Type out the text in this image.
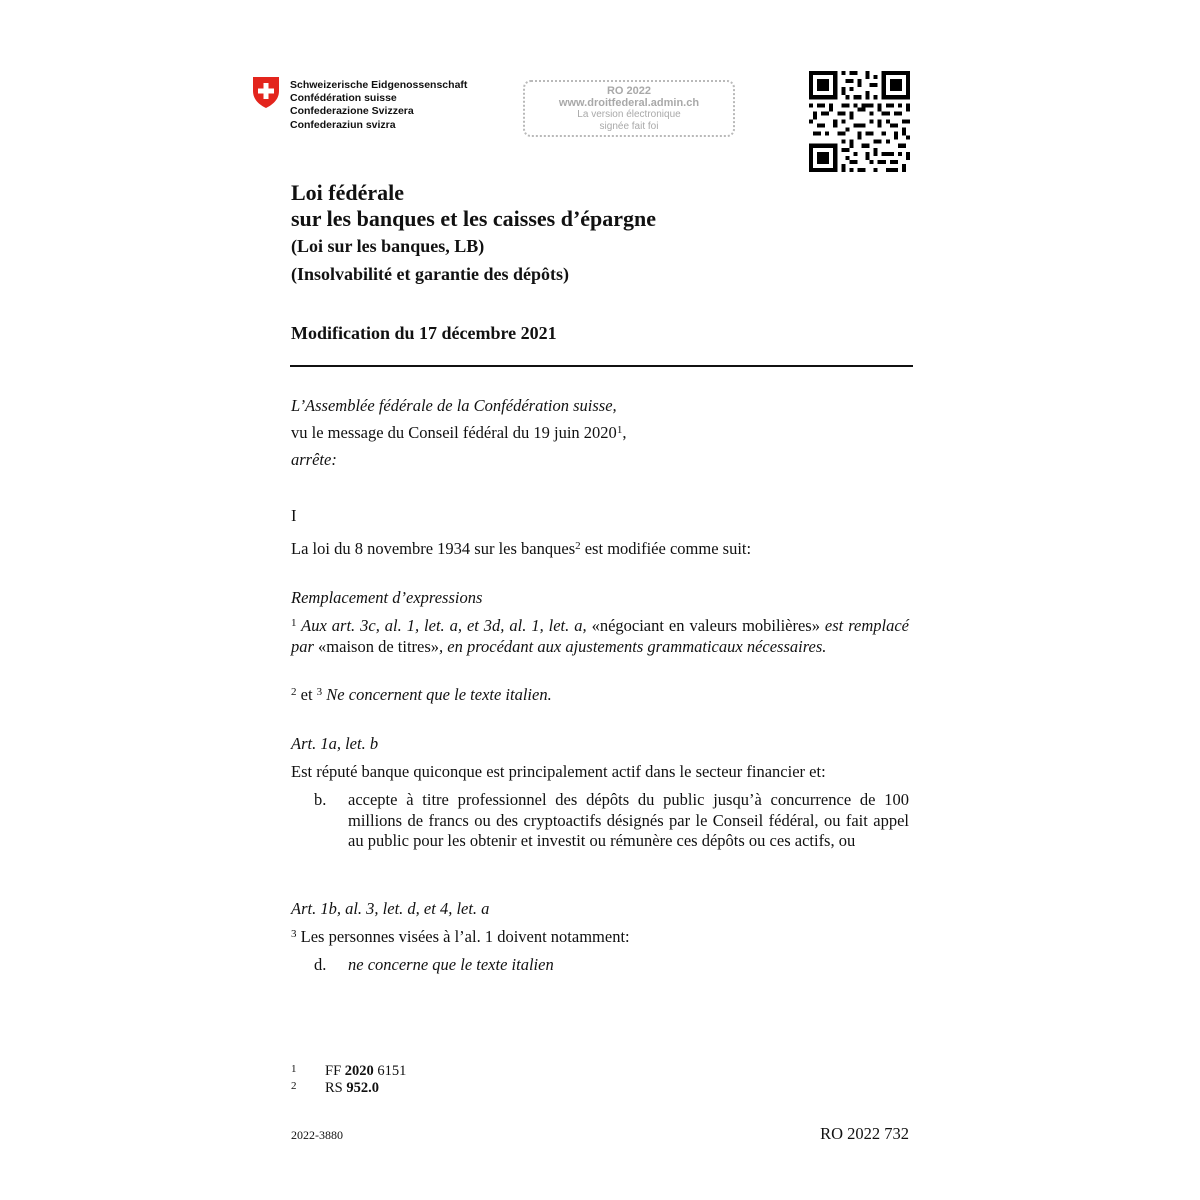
Schweizerische Eidgenossenschaft
Confédération suisse
Confederazione Svizzera
Confederaziun svizra
RO 2022
www.droitfederal.admin.ch
La version électronique
signée fait foi
Loi fédérale
sur les banques et les caisses d’épargne
(Loi sur les banques, LB)
(Insolvabilité et garantie des dépôts)
Modification du 17 décembre 2021
L’Assemblée fédérale de la Confédération suisse,
vu le message du Conseil fédéral du 19 juin 2020$^1$,
arrête:
I
La loi du 8 novembre 1934 sur les banques$^2$ est modifiée comme suit:
Remplacement d’expressions
$^1$ Aux art. 3c, al. 1, let. a, et 3d, al. 1, let. a, «négociant en valeurs mobilières» est remplacé par «maison de titres», en procédant aux ajustements grammaticaux nécessaires.
$^2$ et $^3$ Ne concernent que le texte italien.
Art. 1a, let. b
Est réputé banque quiconque est principalement actif dans le secteur financier et:
b. accepte à titre professionnel des dépôts du public jusqu’à concurrence de 100 millions de francs ou des cryptoactifs désignés par le Conseil fédéral, ou fait appel au public pour les obtenir et investit ou rémunère ces dépôts ou ces actifs, ou
Art. 1b, al. 3, let. d, et 4, let. a
$^3$ Les personnes visées à l’al. 1 doivent notamment:
d. ne concerne que le texte italien
$^1$ FF 2020 6151
$^2$ RS 952.0
2022-3880	RO 2022 732
